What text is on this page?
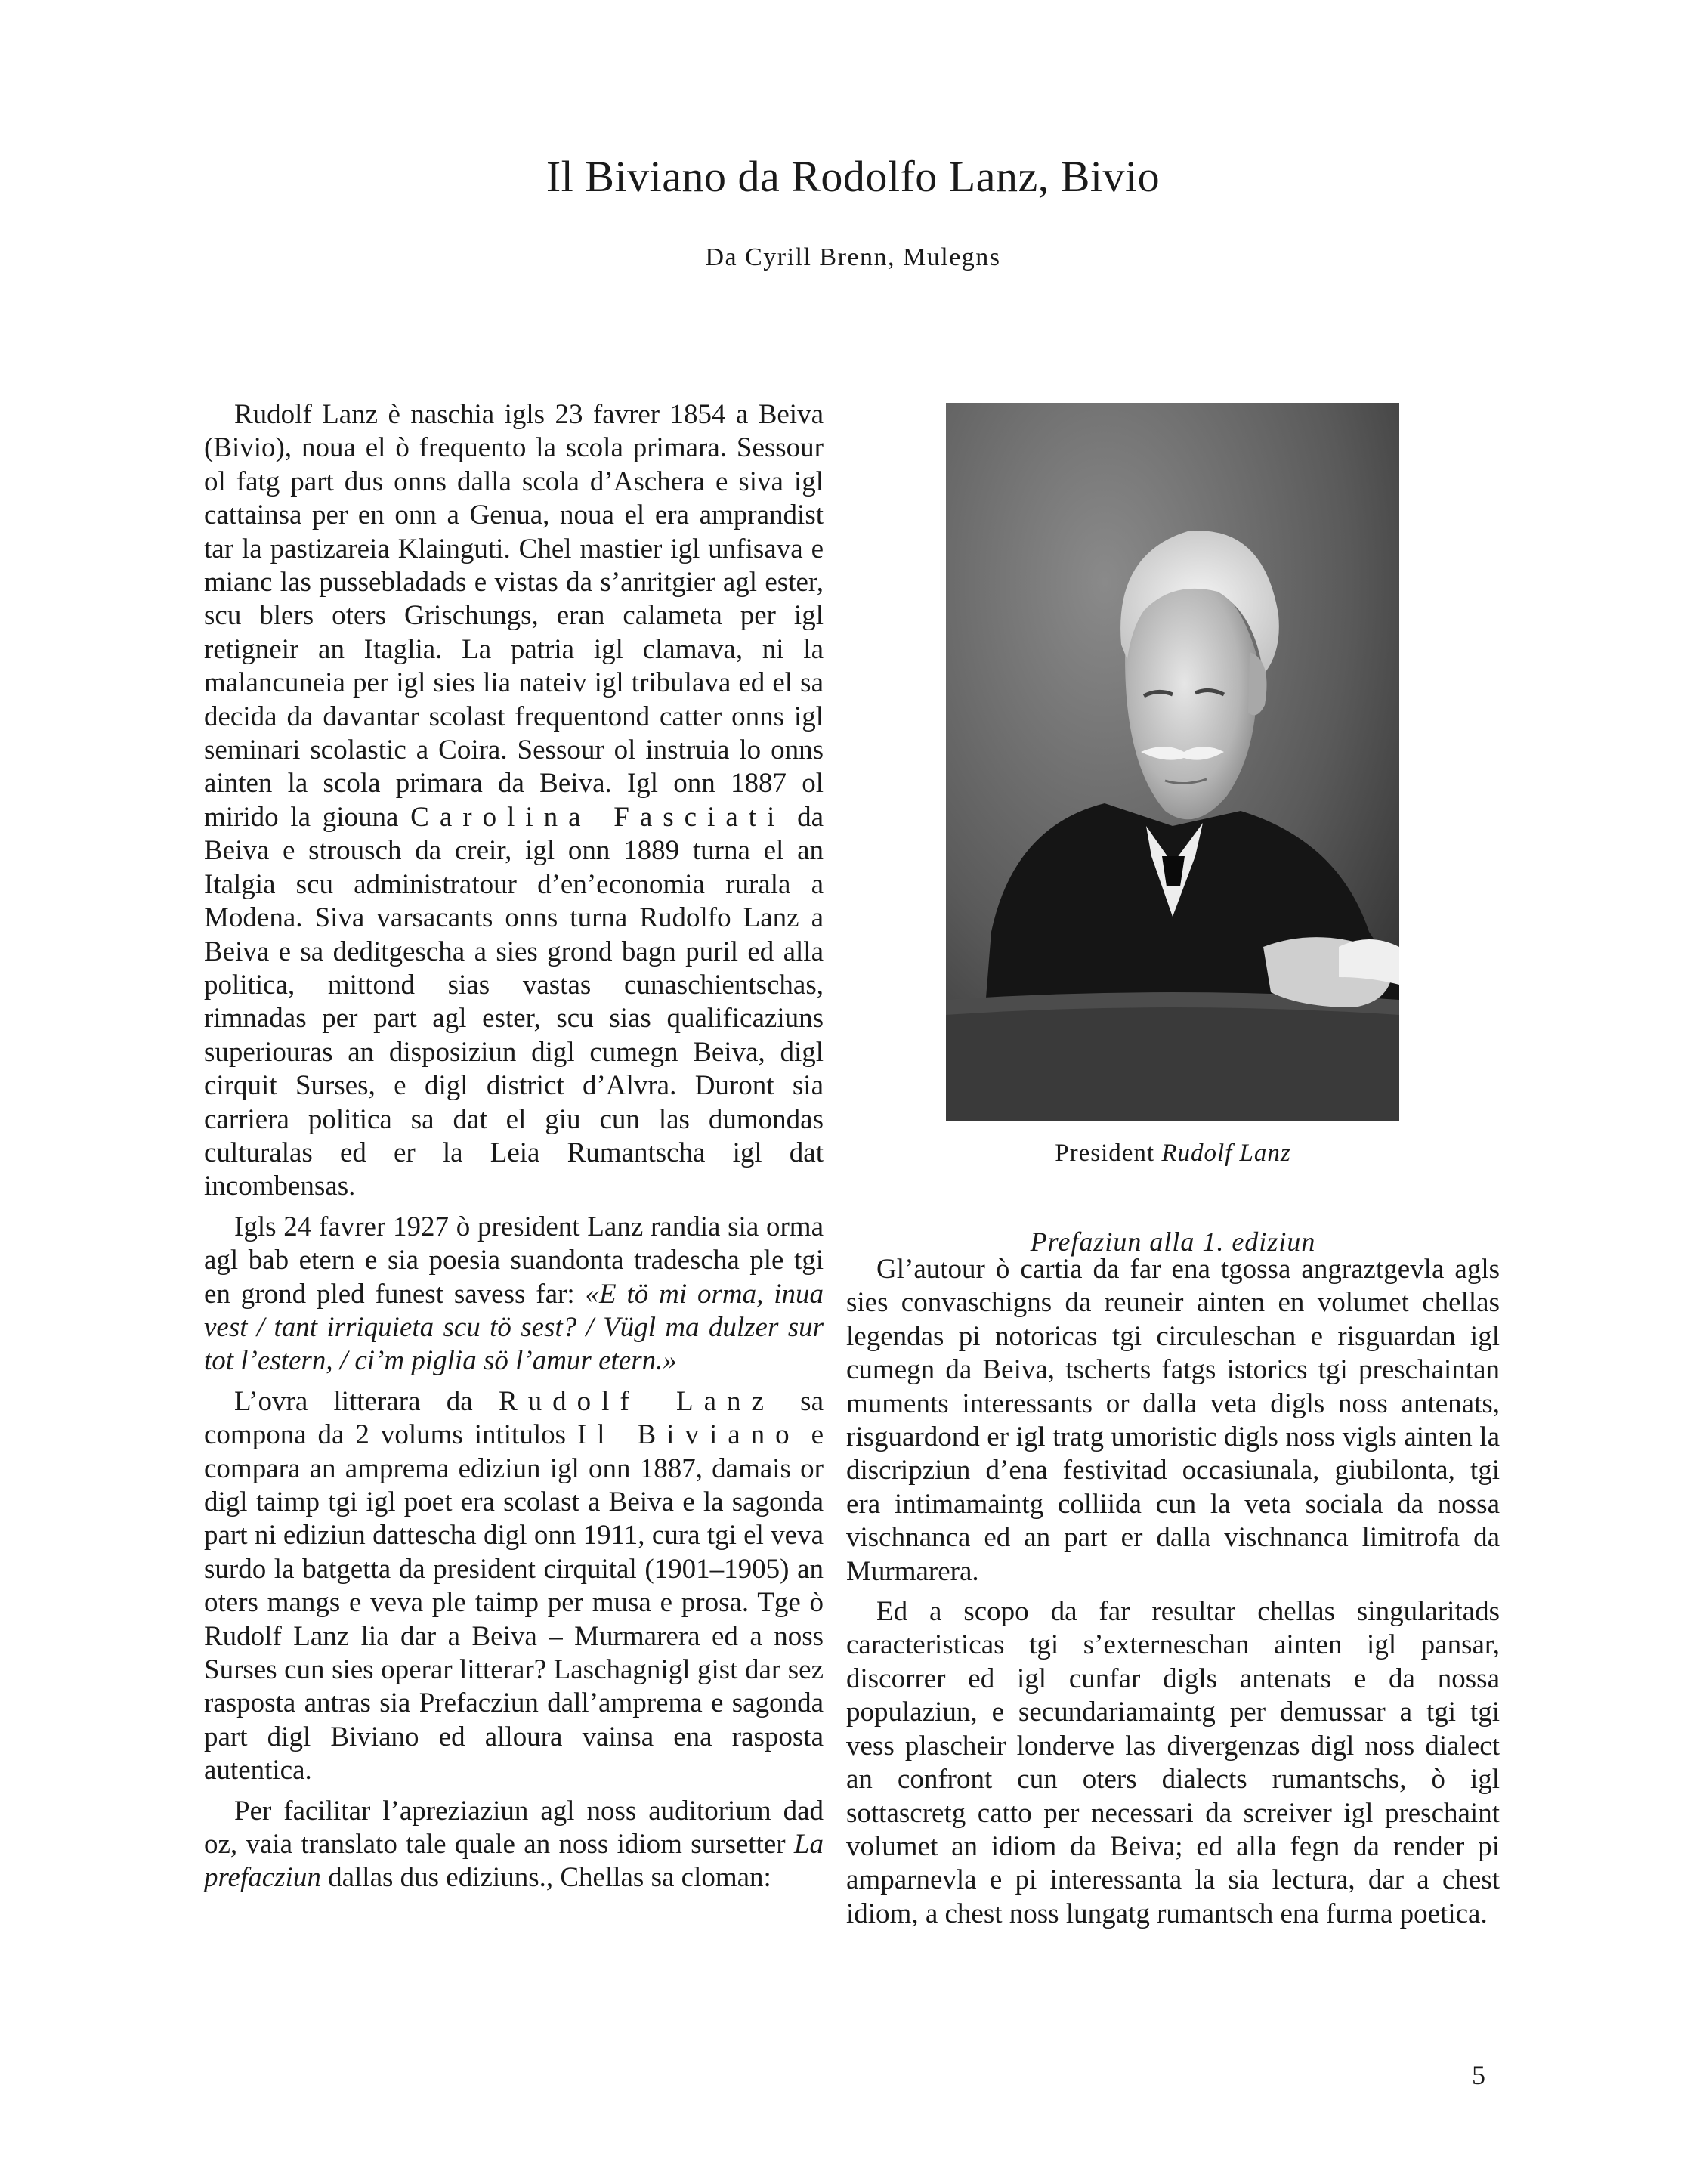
Il Biviano da Rodolfo Lanz, Bivio
Da Cyrill Brenn, Mulegns

Rudolf Lanz è naschia igls 23 favrer 1854 a Beiva (Bivio), noua el ò frequento la scola primara. Sessour ol fatg part dus onns dalla scola d’Aschera e siva igl cattainsa per en onn a Genua, noua el era amprandist tar la pastizareia Klainguti. Chel mastier igl unfisava e mianc las pussebladads e vistas da s’anritgier agl ester, scu blers oters Grischungs, eran calameta per igl retigneir an Itaglia. La patria igl clamava, ni la malancuneia per igl sies lia nateiv igl tribulava ed el sa decida da davantar scolast frequentond catter onns igl seminari scolastic a Coira. Sessour ol instruia lo onns ainten la scola primara da Beiva. Igl onn 1887 ol mirido la giouna Carolina Fasciati da Beiva e strousch da creir, igl onn 1889 turna el an Italgia scu administratour d’en’economia rurala a Modena. Siva varsacants onns turna Rudolfo Lanz a Beiva e sa deditgescha a sies grond bagn puril ed alla politica, mittond sias vastas cunaschientschas, rimnadas per part agl ester, scu sias qualificaziuns superiouras an disposiziun digl cumegn Beiva, digl cirquit Surses, e digl district d’Alvra. Duront sia carriera politica sa dat el giu cun las dumondas culturalas ed er la Leia Rumantscha igl dat incombensas.

Igls 24 favrer 1927 ò president Lanz randia sia orma agl bab etern e sia poesia suandonta tradescha ple tgi en grond pled funest savess far: «E tö mi orma, inua vest / tant irriquieta scu tö sest? / Vügl ma dulzer sur tot l’estern, / ci’m piglia sö l’amur etern.»

L’ovra litterara da Rudolf Lanz sa compona da 2 volums intitulos Il Biviano e compara an amprema ediziun igl onn 1887, damais or digl taimp tgi igl poet era scolast a Beiva e la sagonda part ni ediziun dattescha digl onn 1911, cura tgi el veva surdo la batgetta da president cirquital (1901–1905) an oters mangs e veva ple taimp per musa e prosa. Tge ò Rudolf Lanz lia dar a Beiva – Murmarera ed a noss Surses cun sies operar litterar? Laschagnigl gist dar sez rasposta antras sia Prefacziun dall’amprema e sagonda part digl Biviano ed alloura vainsa ena rasposta autentica.

Per facilitar l’apreziaziun agl noss auditorium dad oz, vaia translato tale quale an noss idiom sursetter La prefacziun dallas dus ediziuns., Chellas sa cloman:

President Rudolf Lanz
Prefaziun alla 1. ediziun

Gl’autour ò cartia da far ena tgossa angraztgevla agls sies convaschigns da reuneir ainten en volumet chellas legendas pi notoricas tgi circuleschan e risguardan igl cumegn da Beiva, tscherts fatgs istorics tgi preschaintan muments interessants or dalla veta digls noss antenats, risguardond er igl tratg umoristic digls noss vigls ainten la discripziun d’ena festivitad occasiunala, giubilonta, tgi era intimamaintg colliida cun la veta sociala da nossa vischnanca ed an part er dalla vischnanca limitrofa da Murmarera.

Ed a scopo da far resultar chellas singularitads caracteristicas tgi s’externeschan ainten igl pansar, discorrer ed igl cunfar digls antenats e da nossa populaziun, e secundariamaintg per demussar a tgi tgi vess plascheir londerve las divergenzas digl noss dialect an confront cun oters dialects rumantschs, ò igl sottascretg catto per necessari da screiver igl preschaint volumet an idiom da Beiva; ed alla fegn da render pi amparnevla e pi interessanta la sia lectura, dar a chest idiom, a chest noss lungatg rumantsch ena furma poetica.

5
